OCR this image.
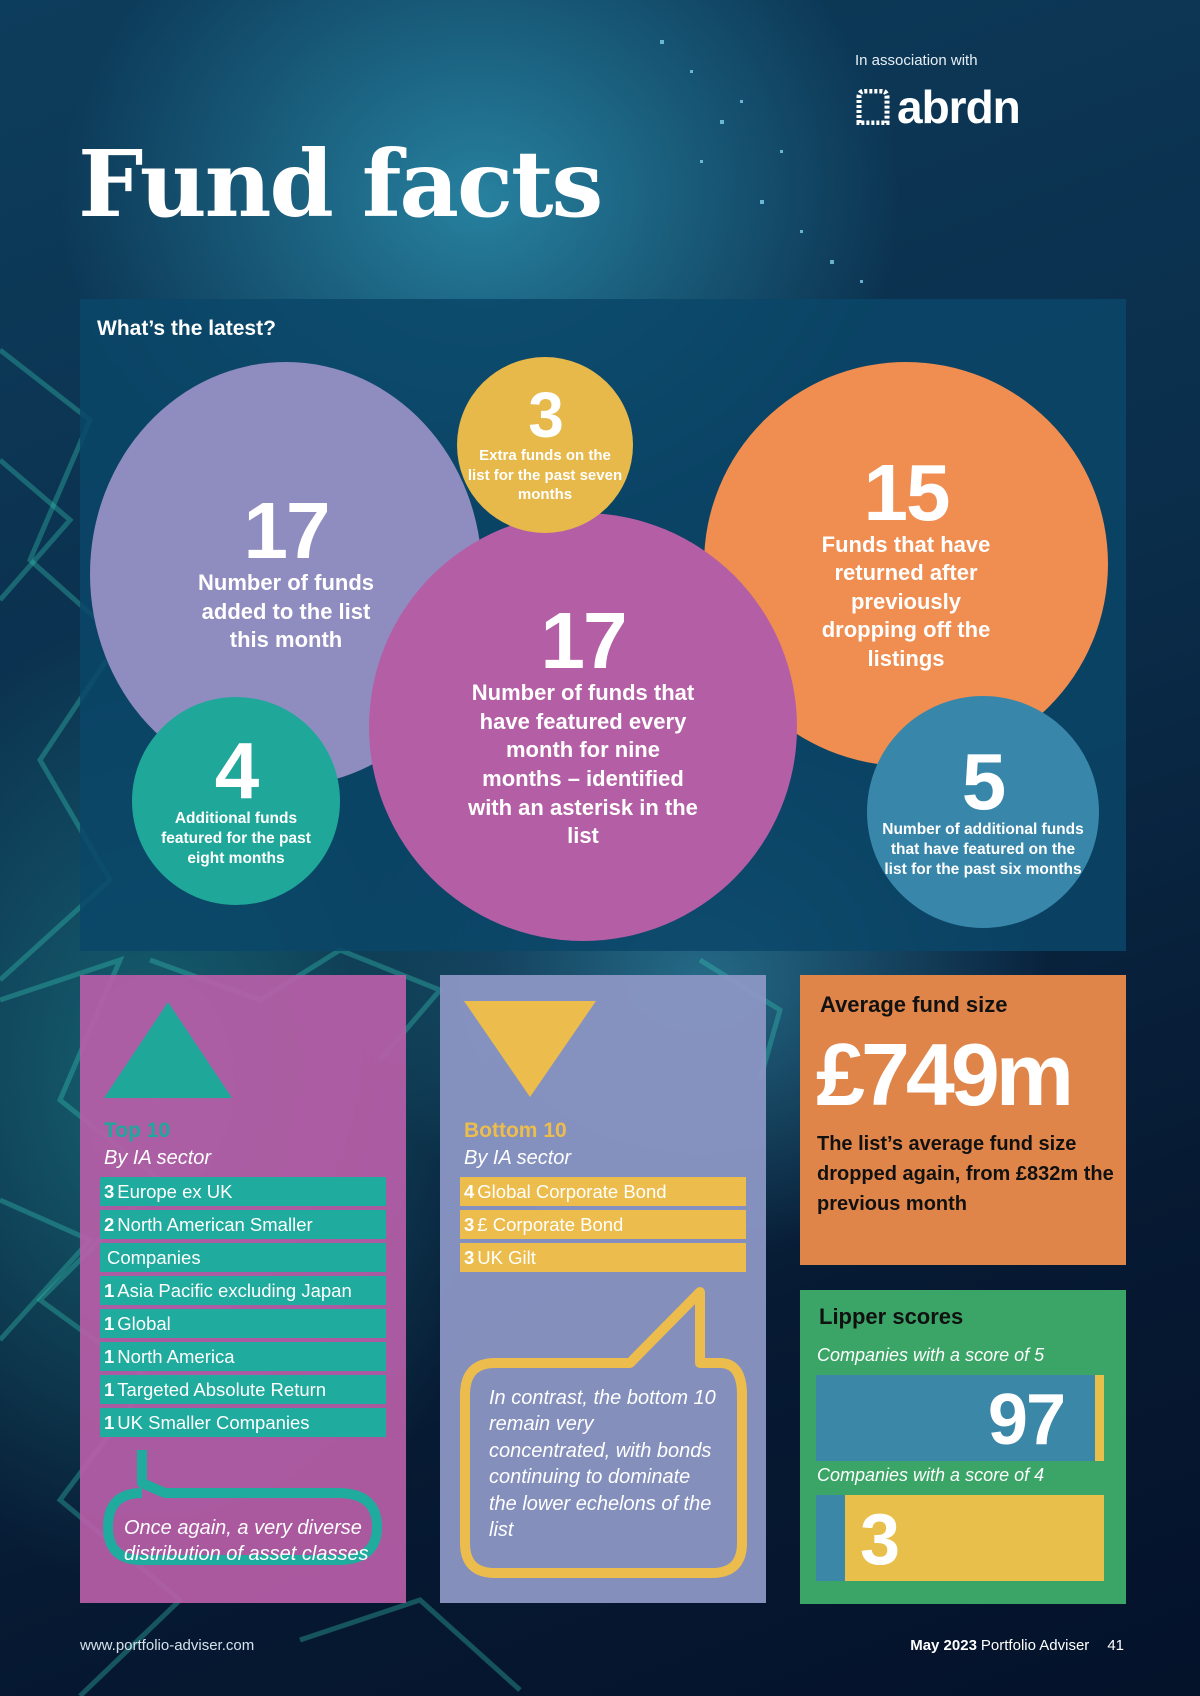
In association with
abrdn
Fund facts
What’s the latest?
17
Number of funds added to the list this month
15
Funds that have returned after previously dropping off the listings
17
Number of funds that have featured every month for nine months – identified with an asterisk in the list
3
Extra funds on the list for the past seven months
4
Additional funds featured for the past eight months
5
Number of additional funds that have featured on the list for the past six months
Top 10
By IA sector
3 Europe ex UK
2 North American Smaller
Companies
1 Asia Pacific excluding Japan
1 Global
1 North America
1 Targeted Absolute Return
1 UK Smaller Companies
Once again, a very diverse distribution of asset classes
Bottom 10
By IA sector
4 Global Corporate Bond
3 £ Corporate Bond
3 UK Gilt
In contrast, the bottom 10 remain very concentrated, with bonds continuing to dominate the lower echelons of the list
Average fund size
£749m
The list’s average fund size dropped again, from £832m the previous month
Lipper scores
Companies with a score of 5
97
Companies with a score of 4
3
www.portfolio-adviser.com	May 2023 Portfolio Adviser 41
